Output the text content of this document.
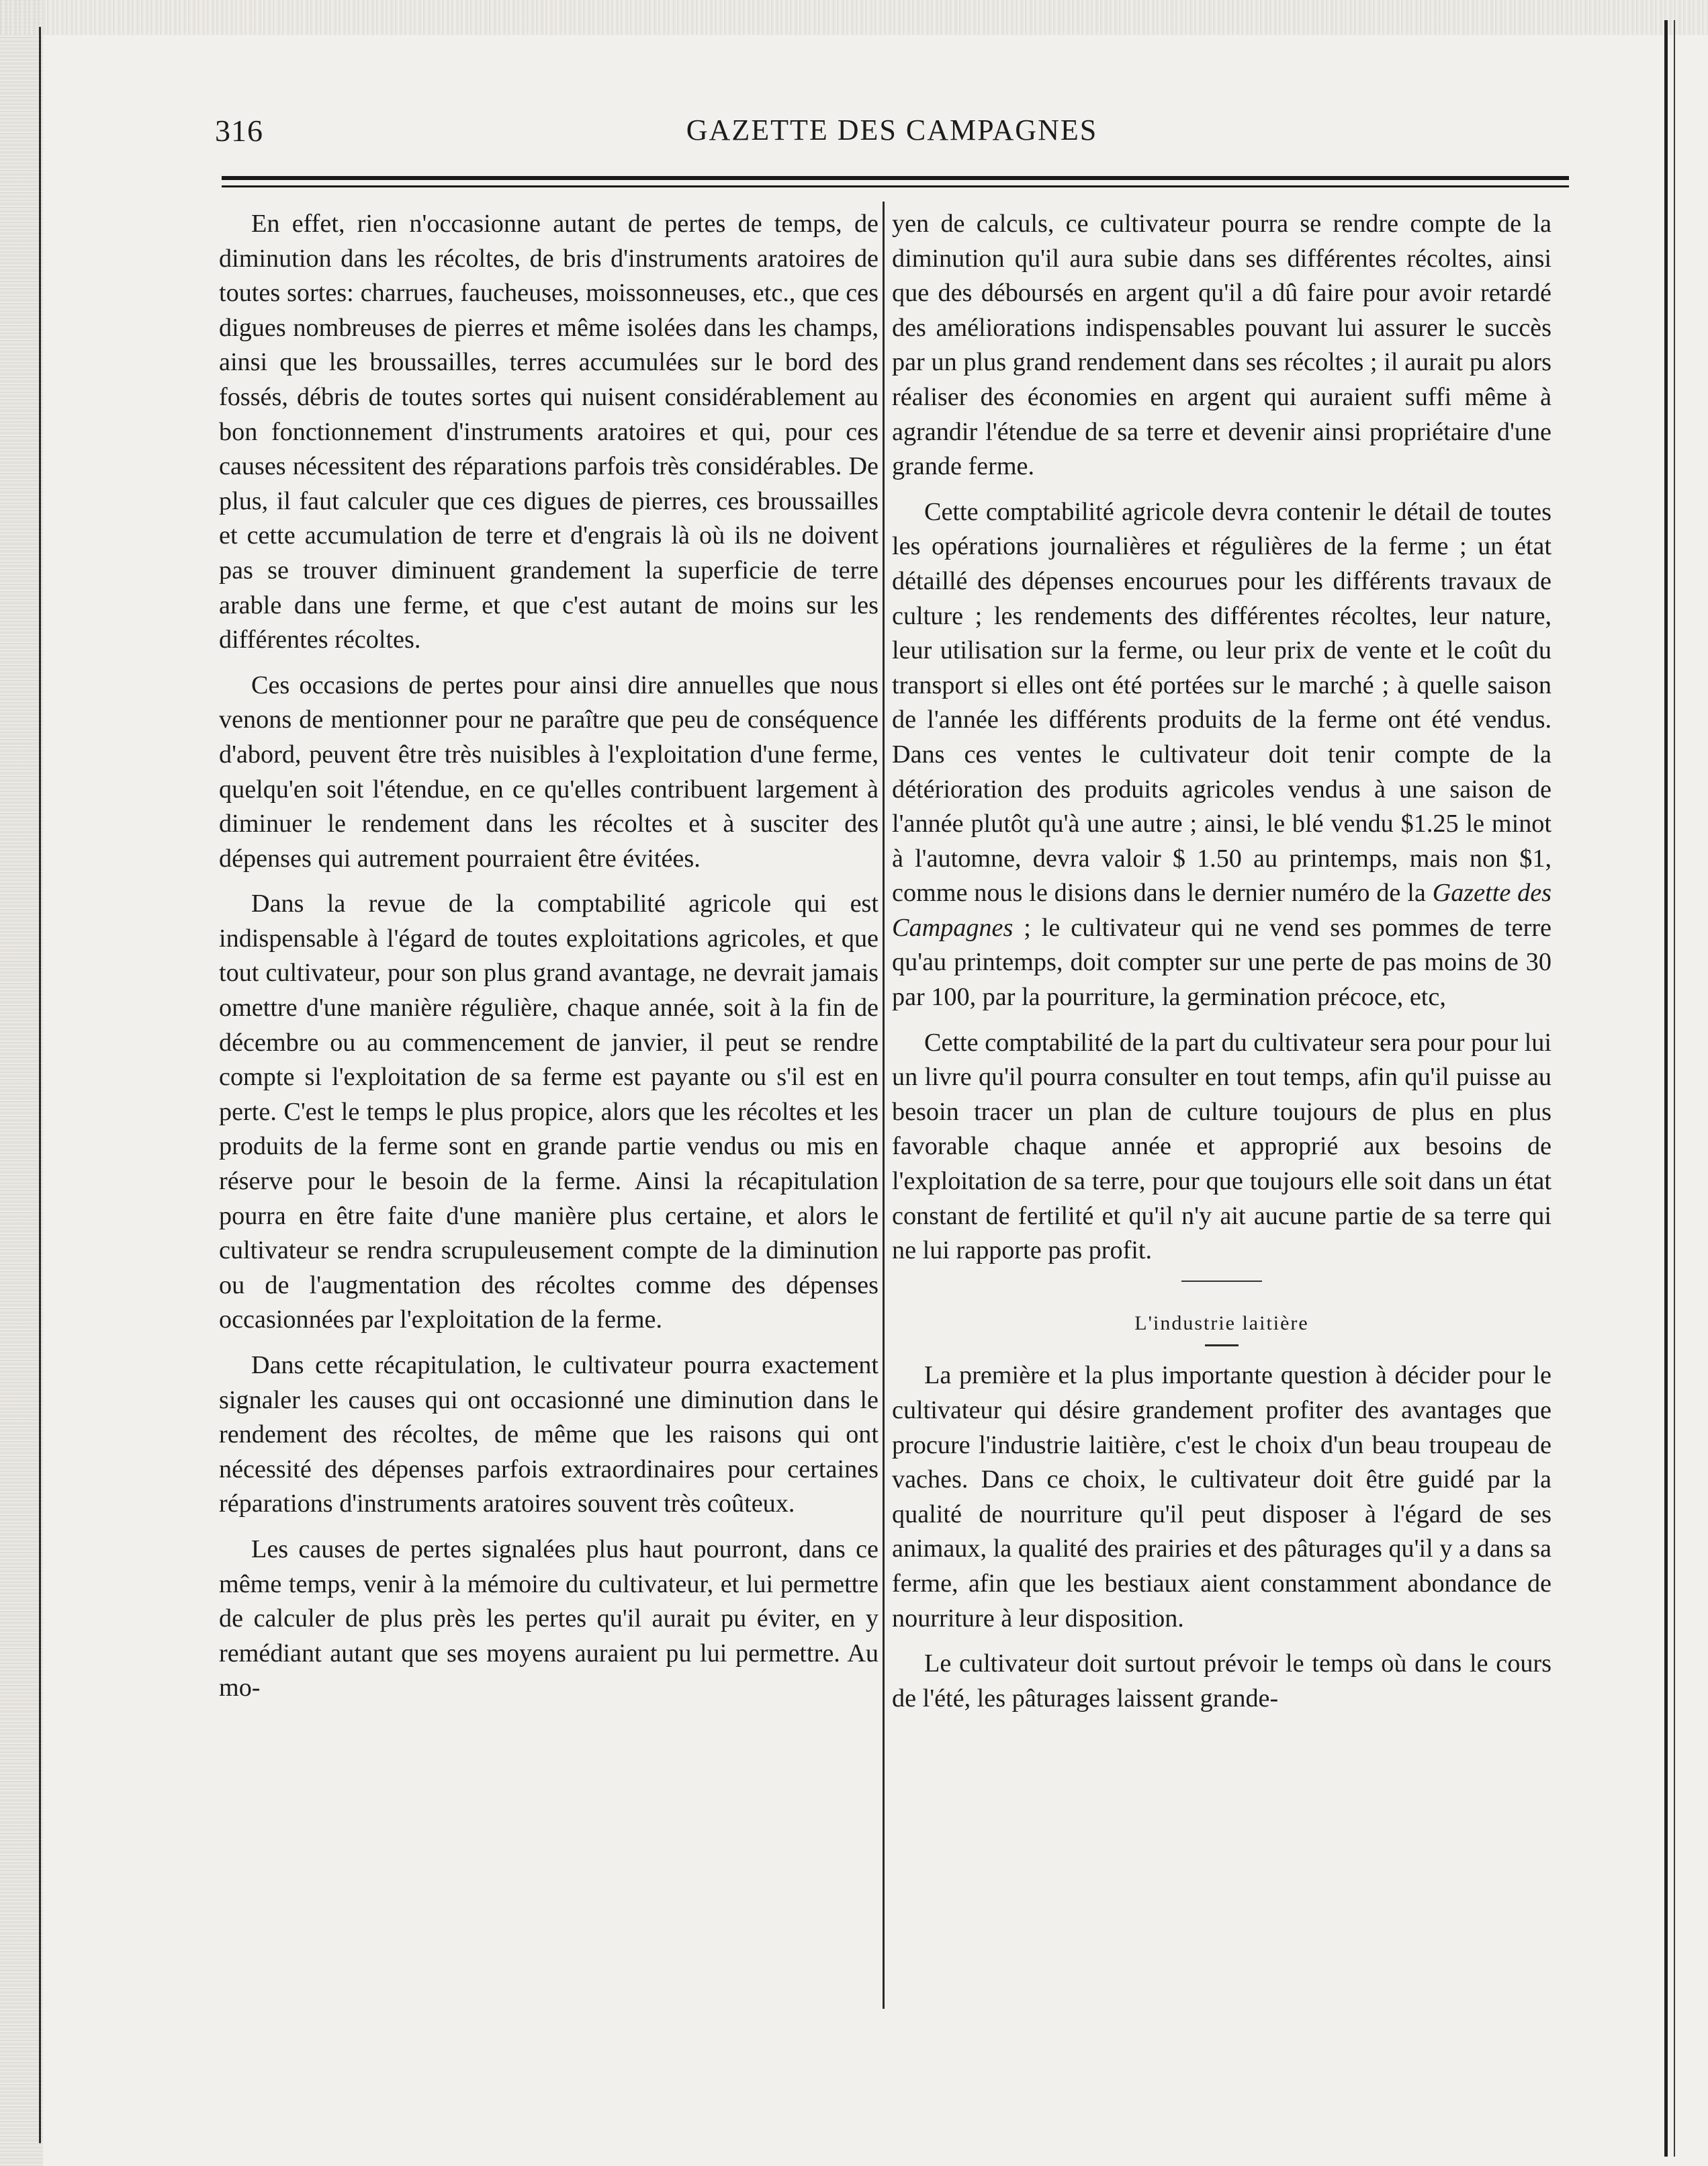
316	GAZETTE DES CAMPAGNES

En effet, rien n'occasionne autant de pertes de temps, de diminution dans les récoltes, de bris d'instruments aratoires de toutes sortes: charrues, faucheuses, moissonneuses, etc., que ces digues nombreuses de pierres et même isolées dans les champs, ainsi que les broussailles, terres accumulées sur le bord des fossés, débris de toutes sortes qui nuisent considérablement au bon fonctionnement d'instruments aratoires et qui, pour ces causes nécessitent des réparations parfois très considérables. De plus, il faut calculer que ces digues de pierres, ces broussailles et cette accumulation de terre et d'engrais là où ils ne doivent pas se trouver diminuent grandement la superficie de terre arable dans une ferme, et que c'est autant de moins sur les différentes récoltes.

Ces occasions de pertes pour ainsi dire annuelles que nous venons de mentionner pour ne paraître que peu de conséquence d'abord, peuvent être très nuisibles à l'exploitation d'une ferme, quelqu'en soit l'étendue, en ce qu'elles contribuent largement à diminuer le rendement dans les récoltes et à susciter des dépenses qui autrement pourraient être évitées.

Dans la revue de la comptabilité agricole qui est indispensable à l'égard de toutes exploitations agricoles, et que tout cultivateur, pour son plus grand avantage, ne devrait jamais omettre d'une manière régulière, chaque année, soit à la fin de décembre ou au commencement de janvier, il peut se rendre compte si l'exploitation de sa ferme est payante ou s'il est en perte. C'est le temps le plus propice, alors que les récoltes et les produits de la ferme sont en grande partie vendus ou mis en réserve pour le besoin de la ferme. Ainsi la récapitulation pourra en être faite d'une manière plus certaine, et alors le cultivateur se rendra scrupuleusement compte de la diminution ou de l'augmentation des récoltes comme des dépenses occasionnées par l'exploitation de la ferme.

Dans cette récapitulation, le cultivateur pourra exactement signaler les causes qui ont occasionné une diminution dans le rendement des récoltes, de même que les raisons qui ont nécessité des dépenses parfois extraordinaires pour certaines réparations d'instruments aratoires souvent très coûteux.

Les causes de pertes signalées plus haut pourront, dans ce même temps, venir à la mémoire du cultivateur, et lui permettre de calculer de plus près les pertes qu'il aurait pu éviter, en y remédiant autant que ses moyens auraient pu lui permettre. Au mo-

yen de calculs, ce cultivateur pourra se rendre compte de la diminution qu'il aura subie dans ses différentes récoltes, ainsi que des déboursés en argent qu'il a dû faire pour avoir retardé des améliorations indispensables pouvant lui assurer le succès par un plus grand rendement dans ses récoltes ; il aurait pu alors réaliser des économies en argent qui auraient suffi même à agrandir l'étendue de sa terre et devenir ainsi propriétaire d'une grande ferme.

Cette comptabilité agricole devra contenir le détail de toutes les opérations journalières et régulières de la ferme ; un état détaillé des dépenses encourues pour les différents travaux de culture ; les rendements des différentes récoltes, leur nature, leur utilisation sur la ferme, ou leur prix de vente et le coût du transport si elles ont été portées sur le marché ; à quelle saison de l'année les différents produits de la ferme ont été vendus. Dans ces ventes le cultivateur doit tenir compte de la détérioration des produits agricoles vendus à une saison de l'année plutôt qu'à une autre ; ainsi, le blé vendu $1.25 le minot à l'automne, devra valoir $ 1.50 au printemps, mais non $1, comme nous le disions dans le dernier numéro de la Gazette des Campagnes ; le cultivateur qui ne vend ses pommes de terre qu'au printemps, doit compter sur une perte de pas moins de 30 par 100, par la pourriture, la germination précoce, etc,

Cette comptabilité de la part du cultivateur sera pour pour lui un livre qu'il pourra consulter en tout temps, afin qu'il puisse au besoin tracer un plan de culture toujours de plus en plus favorable chaque année et approprié aux besoins de l'exploitation de sa terre, pour que toujours elle soit dans un état constant de fertilité et qu'il n'y ait aucune partie de sa terre qui ne lui rapporte pas profit.

L'industrie laitière

La première et la plus importante question à décider pour le cultivateur qui désire grandement profiter des avantages que procure l'industrie laitière, c'est le choix d'un beau troupeau de vaches. Dans ce choix, le cultivateur doit être guidé par la qualité de nourriture qu'il peut disposer à l'égard de ses animaux, la qualité des prairies et des pâturages qu'il y a dans sa ferme, afin que les bestiaux aient constamment abondance de nourriture à leur disposition.

Le cultivateur doit surtout prévoir le temps où dans le cours de l'été, les pâturages laissent grande-
